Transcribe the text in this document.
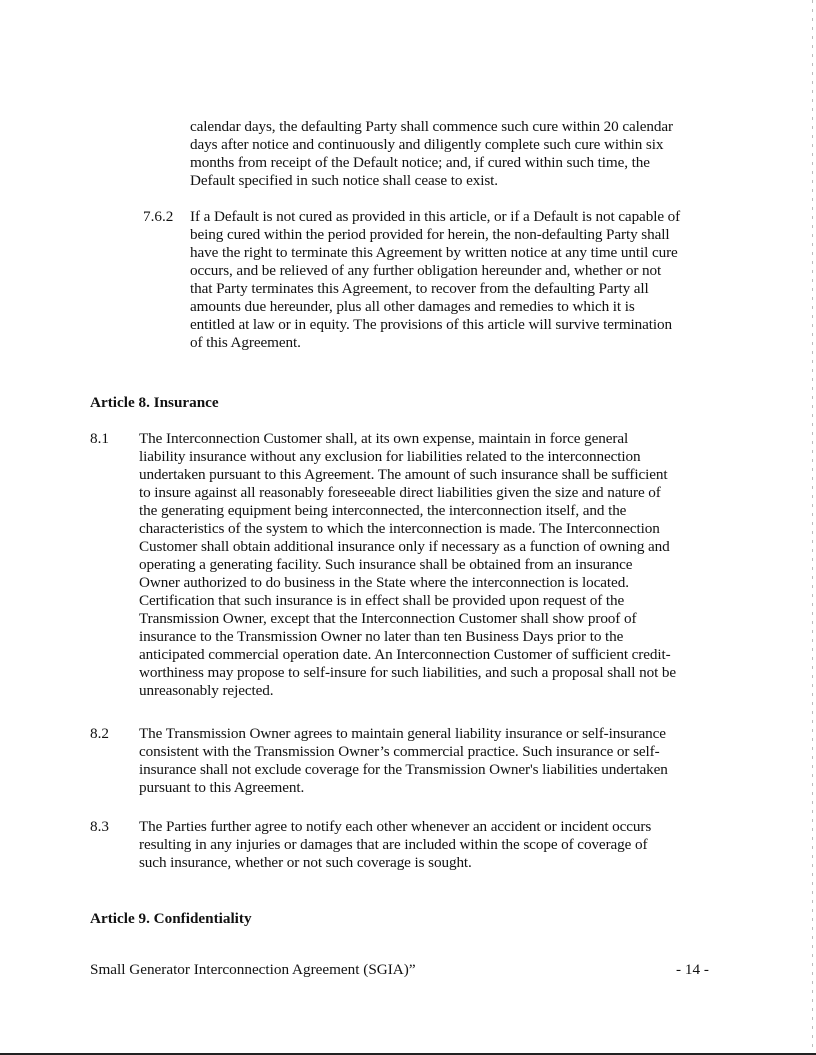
calendar days, the defaulting Party shall commence such cure within 20 calendar
days after notice and continuously and diligently complete such cure within six
months from receipt of the Default notice; and, if cured within such time, the
Default specified in such notice shall cease to exist.
7.6.2 If a Default is not cured as provided in this article, or if a Default is not capable of
being cured within the period provided for herein, the non-defaulting Party shall
have the right to terminate this Agreement by written notice at any time until cure
occurs, and be relieved of any further obligation hereunder and, whether or not
that Party terminates this Agreement, to recover from the defaulting Party all
amounts due hereunder, plus all other damages and remedies to which it is
entitled at law or in equity. The provisions of this article will survive termination
of this Agreement.
Article 8. Insurance
8.1 The Interconnection Customer shall, at its own expense, maintain in force general
liability insurance without any exclusion for liabilities related to the interconnection
undertaken pursuant to this Agreement. The amount of such insurance shall be sufficient
to insure against all reasonably foreseeable direct liabilities given the size and nature of
the generating equipment being interconnected, the interconnection itself, and the
characteristics of the system to which the interconnection is made. The Interconnection
Customer shall obtain additional insurance only if necessary as a function of owning and
operating a generating facility. Such insurance shall be obtained from an insurance
Owner authorized to do business in the State where the interconnection is located.
Certification that such insurance is in effect shall be provided upon request of the
Transmission Owner, except that the Interconnection Customer shall show proof of
insurance to the Transmission Owner no later than ten Business Days prior to the
anticipated commercial operation date. An Interconnection Customer of sufficient credit-
worthiness may propose to self-insure for such liabilities, and such a proposal shall not be
unreasonably rejected.
8.2 The Transmission Owner agrees to maintain general liability insurance or self-insurance
consistent with the Transmission Owner’s commercial practice. Such insurance or self-
insurance shall not exclude coverage for the Transmission Owner's liabilities undertaken
pursuant to this Agreement.
8.3 The Parties further agree to notify each other whenever an accident or incident occurs
resulting in any injuries or damages that are included within the scope of coverage of
such insurance, whether or not such coverage is sought.
Article 9. Confidentiality
Small Generator Interconnection Agreement (SGIA)”	- 14 -
